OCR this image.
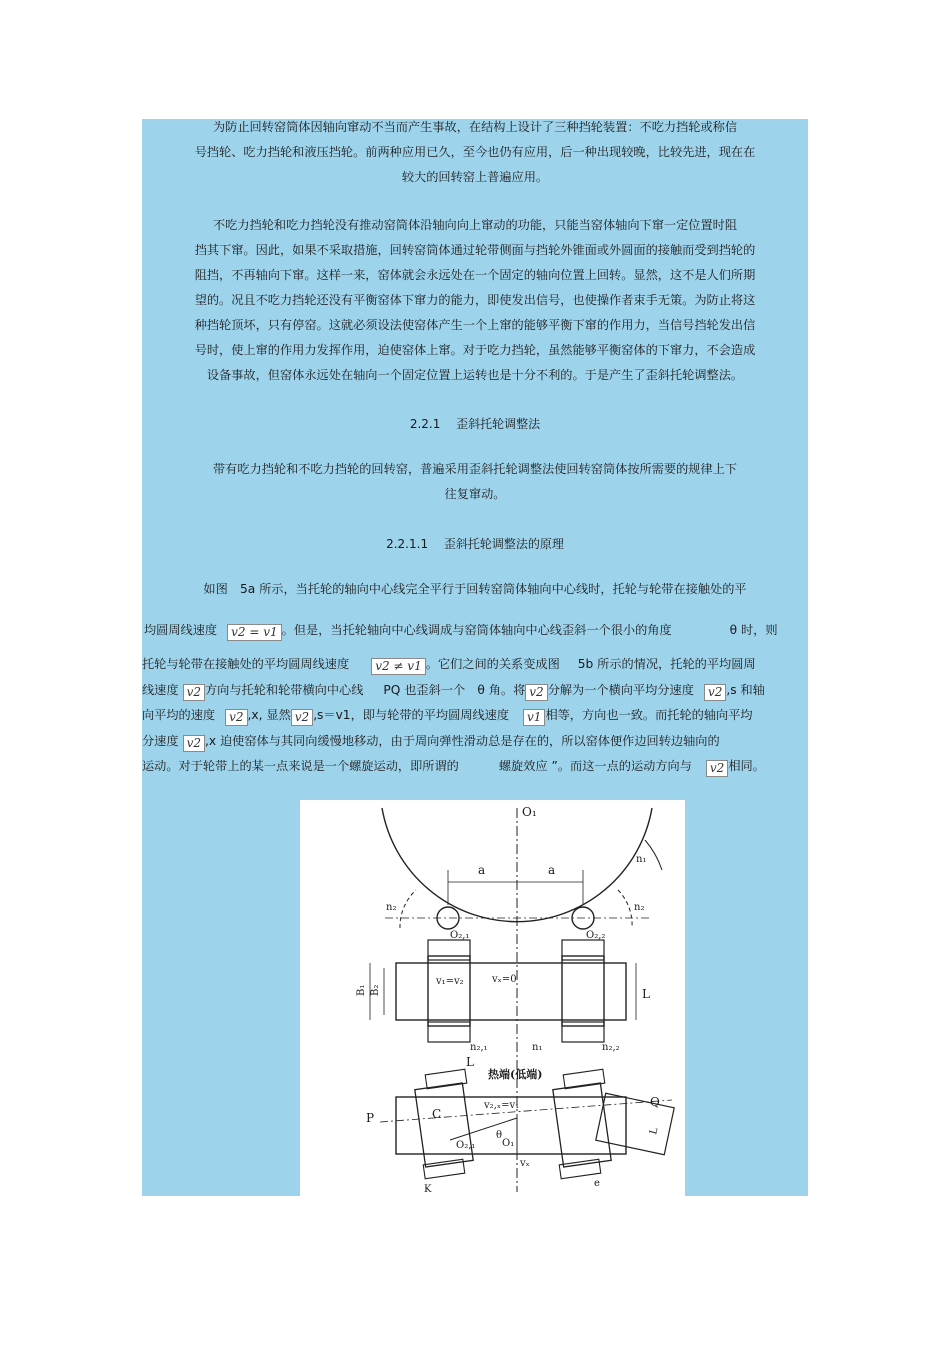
为防止回转窑筒体因轴向窜动不当而产生事故，在结构上设计了三种挡轮装置：不吃力挡轮或称信
号挡轮、吃力挡轮和液压挡轮。前两种应用已久，至今也仍有应用，后一种出现较晚，比较先进，现在在
较大的回转窑上普遍应用。
不吃力挡轮和吃力挡轮没有推动窑筒体沿轴向向上窜动的功能，只能当窑体轴向下窜一定位置时阻
挡其下窜。因此，如果不采取措施，回转窑筒体通过轮带侧面与挡轮外锥面或外圆面的接触而受到挡轮的
阻挡，不再轴向下窜。这样一来，窑体就会永远处在一个固定的轴向位置上回转。显然，这不是人们所期
望的。况且不吃力挡轮还没有平衡窑体下窜力的能力，即使发出信号，也使操作者束手无策。为防止将这
种挡轮顶坏，只有停窑。这就必须设法使窑体产生一个上窜的能够平衡下窜的作用力，当信号挡轮发出信
号时，使上窜的作用力发挥作用，迫使窑体上窜。对于吃力挡轮，虽然能够平衡窑体的下窜力，不会造成
设备事故，但窑体永远处在轴向一个固定位置上运转也是十分不利的。于是产生了歪斜托轮调整法。
2.2.1　 歪斜托轮调整法
带有吃力挡轮和不吃力挡轮的回转窑，普遍采用歪斜托轮调整法使回转窑筒体按所需要的规律上下
往复窜动。
2.2.1.1　 歪斜托轮调整法的原理
如图　5a 所示，当托轮的轴向中心线完全平行于回转窑筒体轴向中心线时，托轮与轮带在接触处的平
均圆周线速度 v2 = v1 。但是，当托轮轴向中心线调成与窑筒体轴向中心线歪斜一个很小的角度	θ 时，则
托轮与轮带在接触处的平均圆周线速度 v2 ≠ v1 。它们之间的关系变成图 5b 所示的情况，托轮的平均圆周
线速度 v2 方向与托轮和轮带横向中心线 PQ 也歪斜一个　θ 角。将 v2 分解为一个横向平均分速度 v2 ,s 和轴
向平均的速度 v2 ,x, 显然 v2 ,s＝v1，即与轮带的平均圆周线速度 v1 相等，方向也一致。而托轮的轴向平均
分速度 v2 ,x 迫使窑体与其同向缓慢地移动，由于周向弹性滑动总是存在的，所以窑体便作边回转边轴向的
运动。对于轮带上的某一点来说是一个螺旋运动，即所谓的	螺旋效应 ”。而这一点的运动方向与 v2 相同。
O₁
a	a
n₁
n₂	n₂
O₂,₁	O₂,₂
B₁ B₂
v₁=v₂	vₓ=0
L
n₂,₁	n₁	n₂,₂
L
热端(低端)
P	C
v₂,ₓ=v₁
θ
O₁
O₂,₁
Q
L
vₓ
K
e
